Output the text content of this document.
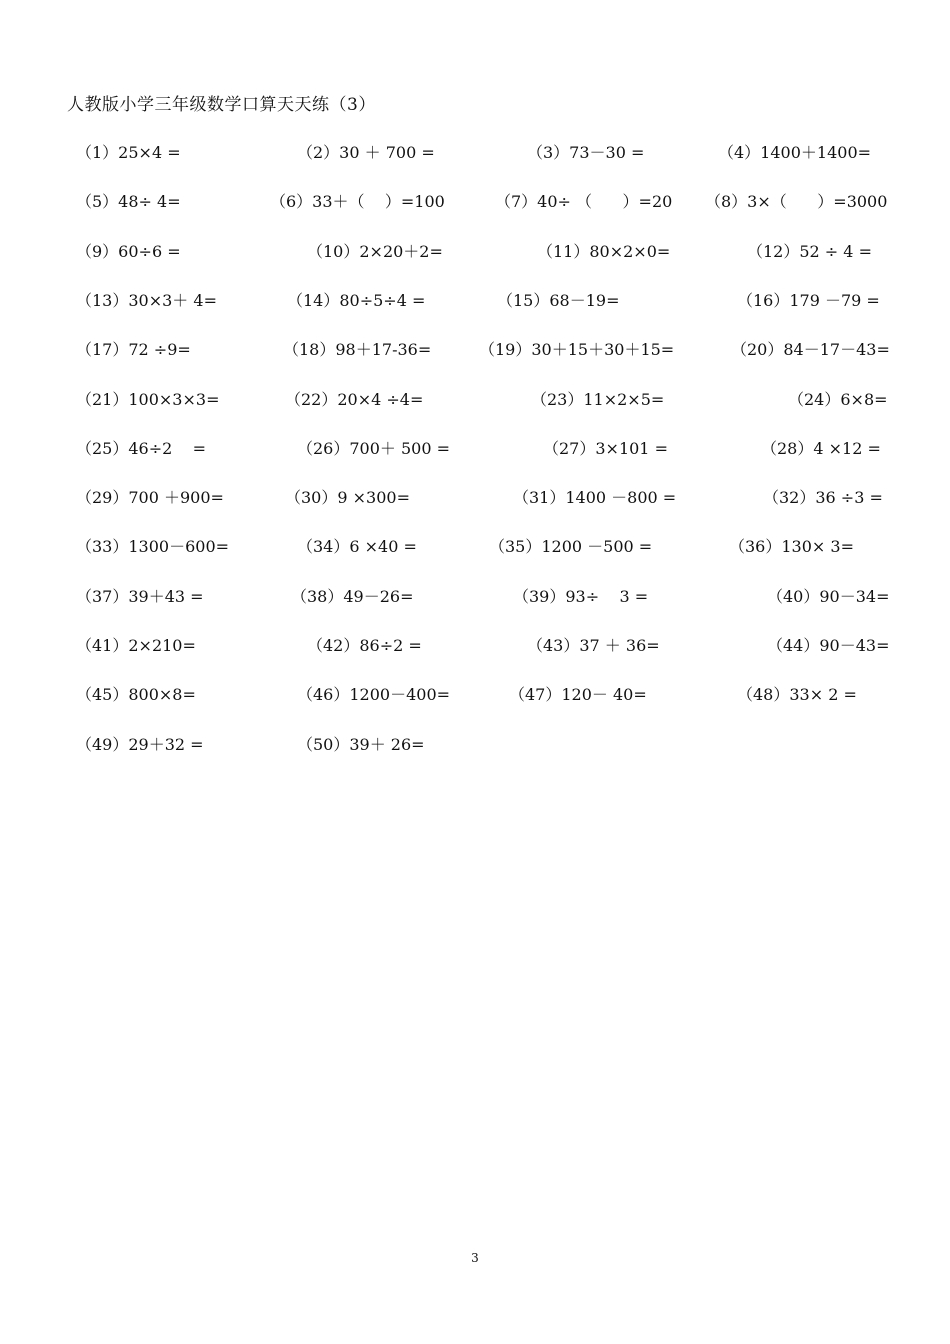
人教版小学三年级数学口算天天练（3）
（1）25×4 =	（2）30 ＋ 700 =	（3）73－30 =	（4）1400＋1400=
（5）48÷ 4=	（6）33＋（    ）=100	（7）40÷ （      ）=20 （8）3×（      ）=3000
（9）60÷6 =	（10）2×20＋2=	（11）80×2×0=	（12）52 ÷ 4 =
（13）30×3＋ 4=	（14）80÷5÷4 =	（15）68－19=	（16）179 －79 =
（17）72 ÷9=	（18）98＋17-36=	（19）30＋15＋30＋15=	（20）84－17－43=
（21）100×3×3=	（22）20×4 ÷4=	（23）11×2×5=	（24）6×8=
（25）46÷2    =	（26）700＋ 500 =	（27）3×101 =	（28）4 ×12 =
（29）700 ＋900=	（30）9 ×300=	（31）1400 －800 =	（32）36 ÷3 =
（33）1300－600=	（34）6 ×40 =	（35）1200 －500 =	（36）130× 3=
（37）39＋43 =	（38）49－26=	（39）93÷    3 =	（40）90－34=
（41）2×210=	（42）86÷2 =	（43）37 ＋ 36=	（44）90－43=
（45）800×8=	（46）1200－400=	（47）120－ 40=	（48）33× 2 =
（49）29＋32 =	（50）39＋ 26=
3
